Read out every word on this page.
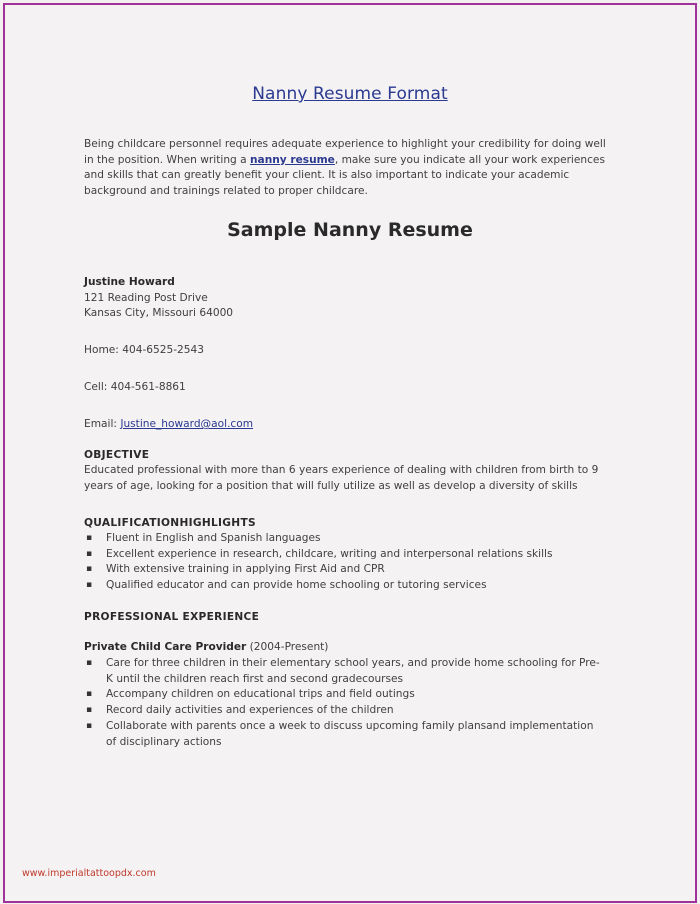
Nanny Resume Format
Being childcare personnel requires adequate experience to highlight your credibility for doing well in the position. When writing a nanny resume, make sure you indicate all your work experiences and skills that can greatly benefit your client. It is also important to indicate your academic background and trainings related to proper childcare.
Sample Nanny Resume
Justine Howard
121 Reading Post Drive
Kansas City, Missouri 64000
Home: 404-6525-2543
Cell: 404-561-8861
Email: Justine_howard@aol.com
OBJECTIVE
Educated professional with more than 6 years experience of dealing with children from birth to 9 years of age, looking for a position that will fully utilize as well as develop a diversity of skills
QUALIFICATIONHIGHLIGHTS
▪ Fluent in English and Spanish languages
▪ Excellent experience in research, childcare, writing and interpersonal relations skills
▪ With extensive training in applying First Aid and CPR
▪ Qualified educator and can provide home schooling or tutoring services
PROFESSIONAL EXPERIENCE
Private Child Care Provider (2004-Present)
▪ Care for three children in their elementary school years, and provide home schooling for Pre-K until the children reach first and second gradecourses
▪ Accompany children on educational trips and field outings
▪ Record daily activities and experiences of the children
▪ Collaborate with parents once a week to discuss upcoming family plansand implementation of disciplinary actions
www.imperialtattoopdx.com
